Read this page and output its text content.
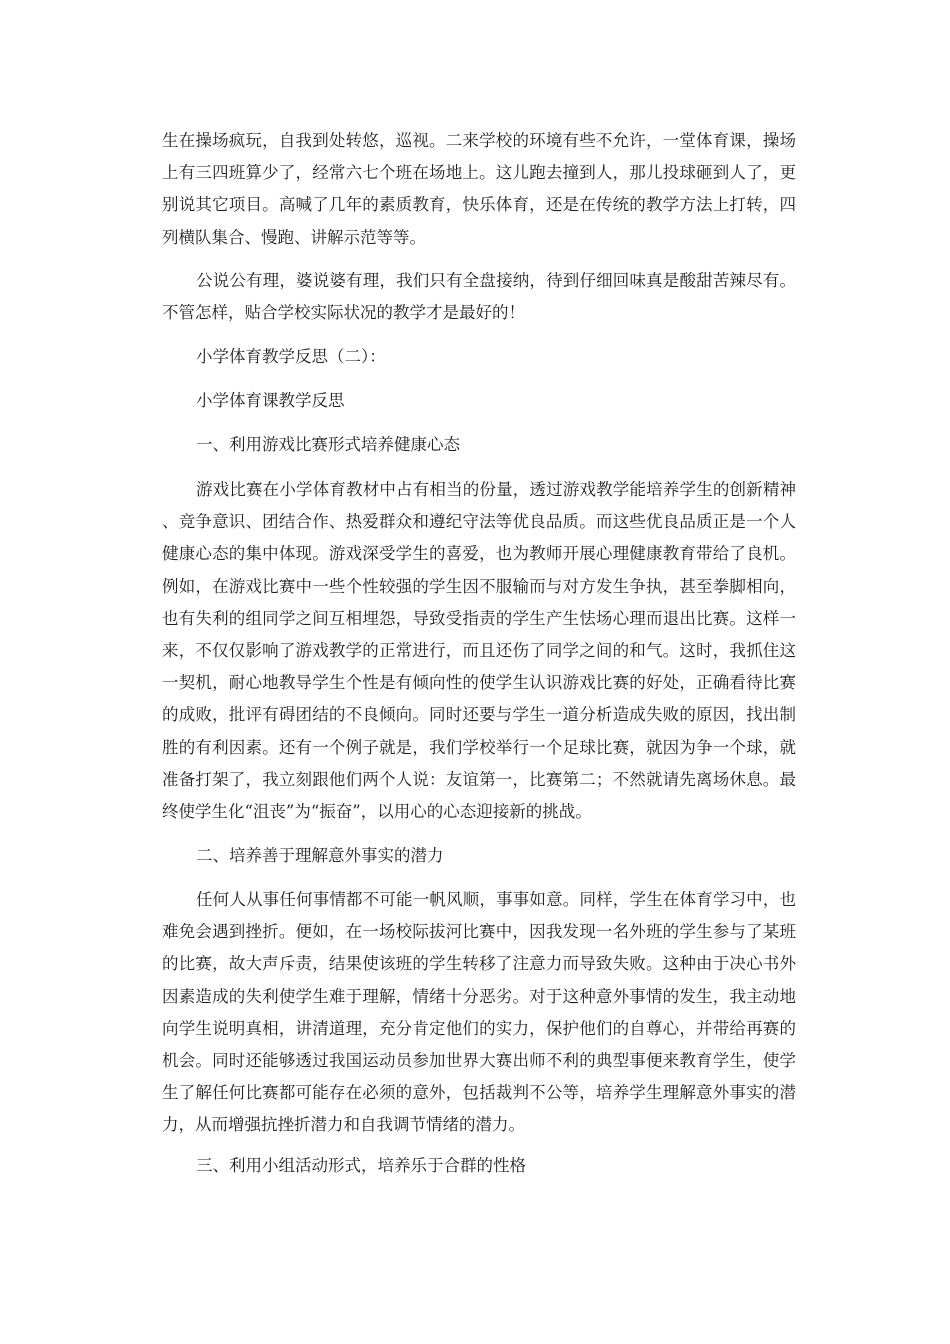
生在操场疯玩，自我到处转悠，巡视。二来学校的环境有些不允许，一堂体育课，操场上有三四班算少了，经常六七个班在场地上。这儿跑去撞到人，那儿投球砸到人了，更别说其它项目。高喊了几年的素质教育，快乐体育，还是在传统的教学方法上打转，四列横队集合、慢跑、讲解示范等等。

公说公有理，婆说婆有理，我们只有全盘接纳，待到仔细回味真是酸甜苦辣尽有。不管怎样，贴合学校实际状况的教学才是最好的！

小学体育教学反思（二）：

小学体育课教学反思

一、利用游戏比赛形式培养健康心态

游戏比赛在小学体育教材中占有相当的份量，透过游戏教学能培养学生的创新精神、竞争意识、团结合作、热爱群众和遵纪守法等优良品质。而这些优良品质正是一个人健康心态的集中体现。游戏深受学生的喜爱，也为教师开展心理健康教育带给了良机。例如，在游戏比赛中一些个性较强的学生因不服输而与对方发生争执，甚至拳脚相向，也有失利的组同学之间互相埋怨，导致受指责的学生产生怯场心理而退出比赛。这样一来，不仅仅影响了游戏教学的正常进行，而且还伤了同学之间的和气。这时，我抓住这一契机，耐心地教导学生个性是有倾向性的使学生认识游戏比赛的好处，正确看待比赛的成败，批评有碍团结的不良倾向。同时还要与学生一道分析造成失败的原因，找出制胜的有利因素。还有一个例子就是，我们学校举行一个足球比赛，就因为争一个球，就准备打架了，我立刻跟他们两个人说：友谊第一，比赛第二；不然就请先离场休息。最终使学生化“沮丧”为“振奋”，以用心的心态迎接新的挑战。

二、培养善于理解意外事实的潜力

任何人从事任何事情都不可能一帆风顺，事事如意。同样，学生在体育学习中，也难免会遇到挫折。便如，在一场校际拔河比赛中，因我发现一名外班的学生参与了某班的比赛，故大声斥责，结果使该班的学生转移了注意力而导致失败。这种由于决心书外因素造成的失利使学生难于理解，情绪十分恶劣。对于这种意外事情的发生，我主动地向学生说明真相，讲清道理，充分肯定他们的实力，保护他们的自尊心，并带给再赛的机会。同时还能够透过我国运动员参加世界大赛出师不利的典型事便来教育学生，使学生了解任何比赛都可能存在必须的意外，包括裁判不公等，培养学生理解意外事实的潜力，从而增强抗挫折潜力和自我调节情绪的潜力。

三、利用小组活动形式，培养乐于合群的性格
